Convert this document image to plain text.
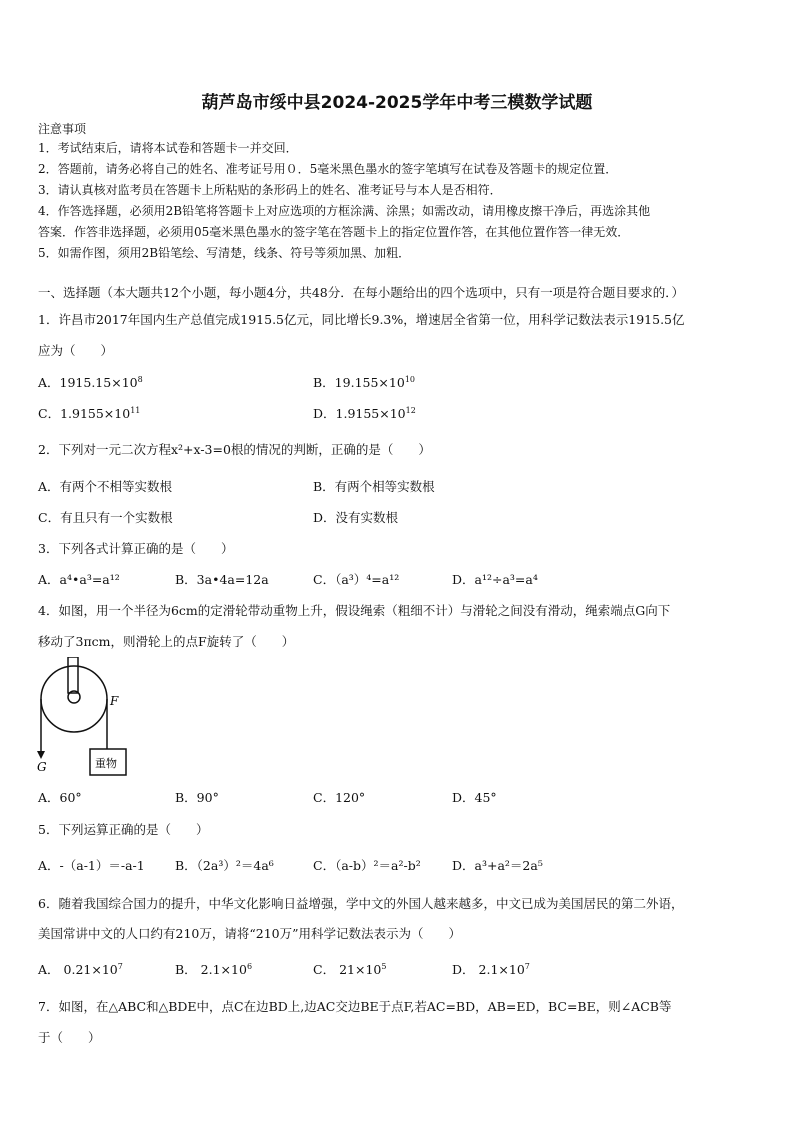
葫芦岛市绥中县2024-2025学年中考三模数学试题
注意事项
1．考试结束后，请将本试卷和答题卡一并交回．
2．答题前，请务必将自己的姓名、准考证号用０．5毫米黑色墨水的签字笔填写在试卷及答题卡的规定位置．
3．请认真核对监考员在答题卡上所粘贴的条形码上的姓名、准考证号与本人是否相符．
4．作答选择题，必须用2B铅笔将答题卡上对应选项的方框涂满、涂黑；如需改动，请用橡皮擦干净后，再选涂其他
答案．作答非选择题，必须用05毫米黑色墨水的签字笔在答题卡上的指定位置作答，在其他位置作答一律无效．
5．如需作图，须用2B铅笔绘、写清楚，线条、符号等须加黑、加粗．
一、选择题（本大题共12个小题，每小题4分，共48分．在每小题给出的四个选项中，只有一项是符合题目要求的．）
1．许昌市2017年国内生产总值完成1915.5亿元，同比增长9.3%，增速居全省第一位，用科学记数法表示1915.5亿
应为（　　）
A．$1915.15\times 10^8$	B．$19.155\times 10^{10}$
C．$1.9155\times 10^{11}$	D．$1.9155\times 10^{12}$
2．下列对一元二次方程x²+x-3=0根的情况的判断，正确的是（　　）
A．有两个不相等实数根	B．有两个相等实数根
C．有且只有一个实数根	D．没有实数根
3．下列各式计算正确的是（　　）
A．a⁴•a³=a¹²	B．3a•4a=12a	C．（a³）⁴=a¹²	D．a¹²÷a³=a⁴
4．如图，用一个半径为6cm的定滑轮带动重物上升，假设绳索（粗细不计）与滑轮之间没有滑动，绳索端点G向下
移动了3πcm，则滑轮上的点F旋转了（　　）
F
G	重物
A．60°	B．90°	C．120°	D．45°
5．下列运算正确的是（　　）
A．-（a-1）＝-a-1 B．（2a³）²＝4a⁶	C．（a-b）²＝a²-b²	D．a³+a²＝2a⁵
6．随着我国综合国力的提升，中华文化影响日益增强，学中文的外国人越来越多，中文已成为美国居民的第二外语，
美国常讲中文的人口约有210万，请将“210万”用科学记数法表示为（　　）
A． $0.21\times 10^7$	B． $2.1\times 10^6$	C． $21\times 10^5$	D． $2.1\times 10^7$
7．如图，在△ABC和△BDE中，点C在边BD上,边AC交边BE于点F,若AC=BD，AB=ED，BC=BE，则∠ACB等
于（　　）
